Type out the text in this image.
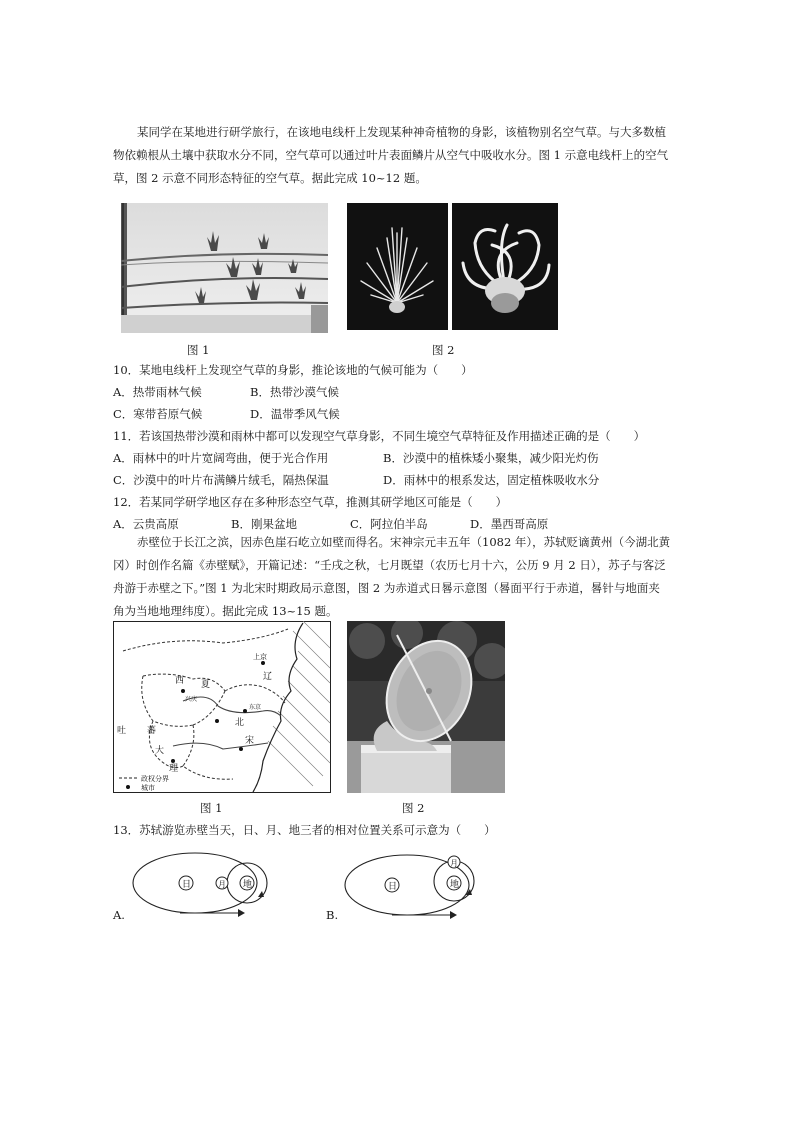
某同学在某地进行研学旅行，在该地电线杆上发现某种神奇植物的身影，该植物别名空气草。与大多数植
物依赖根从土壤中获取水分不同，空气草可以通过叶片表面鳞片从空气中吸收水分。图 1 示意电线杆上的空气
草，图 2 示意不同形态特征的空气草。据此完成 10~12 题。
图 1	图 2
10．某地电线杆上发现空气草的身影，推论该地的气候可能为（　　）
A．热带雨林气候	B．热带沙漠气候
C．寒带苔原气候	D．温带季风气候
11．若该国热带沙漠和雨林中都可以发现空气草身影，不同生境空气草特征及作用描述正确的是（　　）
A．雨林中的叶片宽阔弯曲，便于光合作用	B．沙漠中的植株矮小聚集，减少阳光灼伤
C．沙漠中的叶片布满鳞片绒毛，隔热保温	D．雨林中的根系发达，固定植株吸收水分
12．若某同学研学地区存在多种形态空气草，推测其研学地区可能是（　　）
A．云贵高原	B．刚果盆地	C．阿拉伯半岛	D．墨西哥高原
赤壁位于长江之滨，因赤色崖石屹立如壁而得名。宋神宗元丰五年（1082 年），苏轼贬谪黄州（今湖北黄
冈）时创作名篇《赤壁赋》，开篇记述：“壬戌之秋，七月既望（农历七月十六，公历 9 月 2 日），苏子与客泛
舟游于赤壁之下。”图 1 为北宋时期政局示意图，图 2 为赤道式日晷示意图（晷面平行于赤道，晷针与地面夹
角为当地地理纬度）。据此完成 13~15 题。
辽
上京
西 夏
兴庆
吐 蕃
北
东京
宋
大
理
政权分界
城市
图 1	图 2
13．苏轼游览赤壁当天，日、月、地三者的相对位置关系可示意为（　　）
日	月 地
A.
日
月
地
B.
